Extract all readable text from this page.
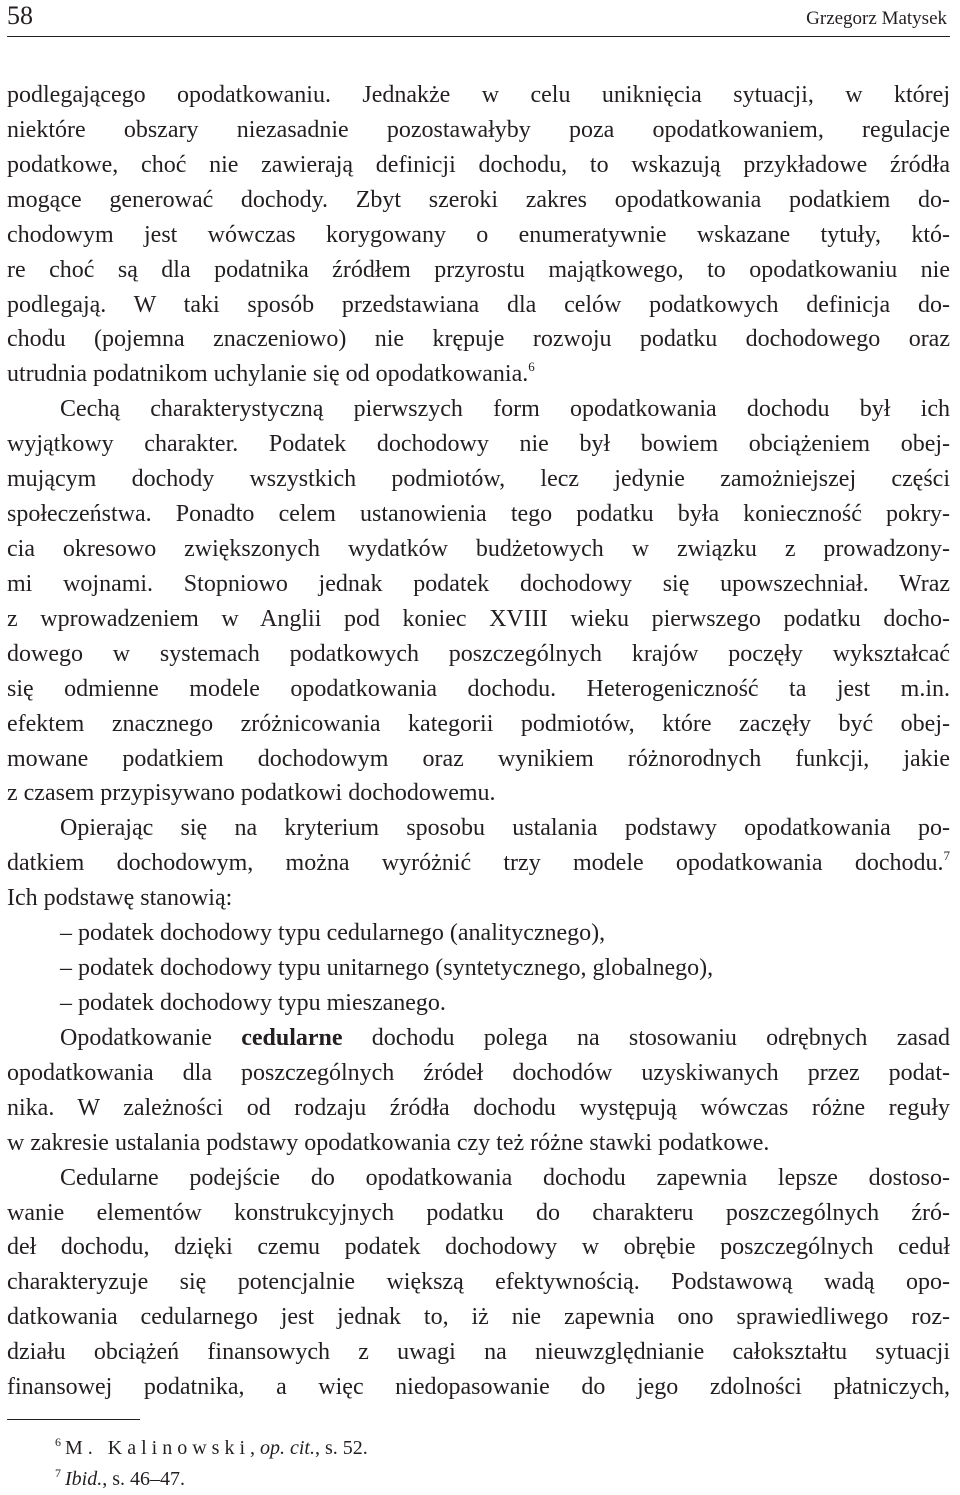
58	Grzegorz Matysek
podlegającego opodatkowaniu. Jednakże w celu uniknięcia sytuacji, w której
niektóre obszary niezasadnie pozostawałyby poza opodatkowaniem, regulacje
podatkowe, choć nie zawierają definicji dochodu, to wskazują przykładowe źródła
mogące generować dochody. Zbyt szeroki zakres opodatkowania podatkiem do-
chodowym jest wówczas korygowany o enumeratywnie wskazane tytuły, któ-
re choć są dla podatnika źródłem przyrostu majątkowego, to opodatkowaniu nie
podlegają. W taki sposób przedstawiana dla celów podatkowych definicja do-
chodu (pojemna znaczeniowo) nie krępuje rozwoju podatku dochodowego oraz
utrudnia podatnikom uchylanie się od opodatkowania.$^6$
Cechą charakterystyczną pierwszych form opodatkowania dochodu był ich
wyjątkowy charakter. Podatek dochodowy nie był bowiem obciążeniem obej-
mującym dochody wszystkich podmiotów, lecz jedynie zamożniejszej części
społeczeństwa. Ponadto celem ustanowienia tego podatku była konieczność pokry-
cia okresowo zwiększonych wydatków budżetowych w związku z prowadzony-
mi wojnami. Stopniowo jednak podatek dochodowy się upowszechniał. Wraz
z wprowadzeniem w Anglii pod koniec XVIII wieku pierwszego podatku docho-
dowego w systemach podatkowych poszczególnych krajów poczęły wykształcać
się odmienne modele opodatkowania dochodu. Heterogeniczność ta jest m.in.
efektem znacznego zróżnicowania kategorii podmiotów, które zaczęły być obej-
mowane podatkiem dochodowym oraz wynikiem różnorodnych funkcji, jakie
z czasem przypisywano podatkowi dochodowemu.
Opierając się na kryterium sposobu ustalania podstawy opodatkowania po-
datkiem dochodowym, można wyróżnić trzy modele opodatkowania dochodu.$^7$
Ich podstawę stanowią:
– podatek dochodowy typu cedularnego (analitycznego),
– podatek dochodowy typu unitarnego (syntetycznego, globalnego),
– podatek dochodowy typu mieszanego.
Opodatkowanie cedularne dochodu polega na stosowaniu odrębnych zasad
opodatkowania dla poszczególnych źródeł dochodów uzyskiwanych przez podat-
nika. W zależności od rodzaju źródła dochodu występują wówczas różne reguły
w zakresie ustalania podstawy opodatkowania czy też różne stawki podatkowe.
Cedularne podejście do opodatkowania dochodu zapewnia lepsze dostoso-
wanie elementów konstrukcyjnych podatku do charakteru poszczególnych źró-
deł dochodu, dzięki czemu podatek dochodowy w obrębie poszczególnych ceduł
charakteryzuje się potencjalnie większą efektywnością. Podstawową wadą opo-
datkowania cedularnego jest jednak to, iż nie zapewnia ono sprawiedliwego roz-
działu obciążeń finansowych z uwagi na nieuwzględnianie całokształtu sytuacji
finansowej podatnika, a więc niedopasowanie do jego zdolności płatniczych,
$^6$ M. Kalinowski, op. cit., s. 52.
$^7$ Ibid., s. 46–47.
